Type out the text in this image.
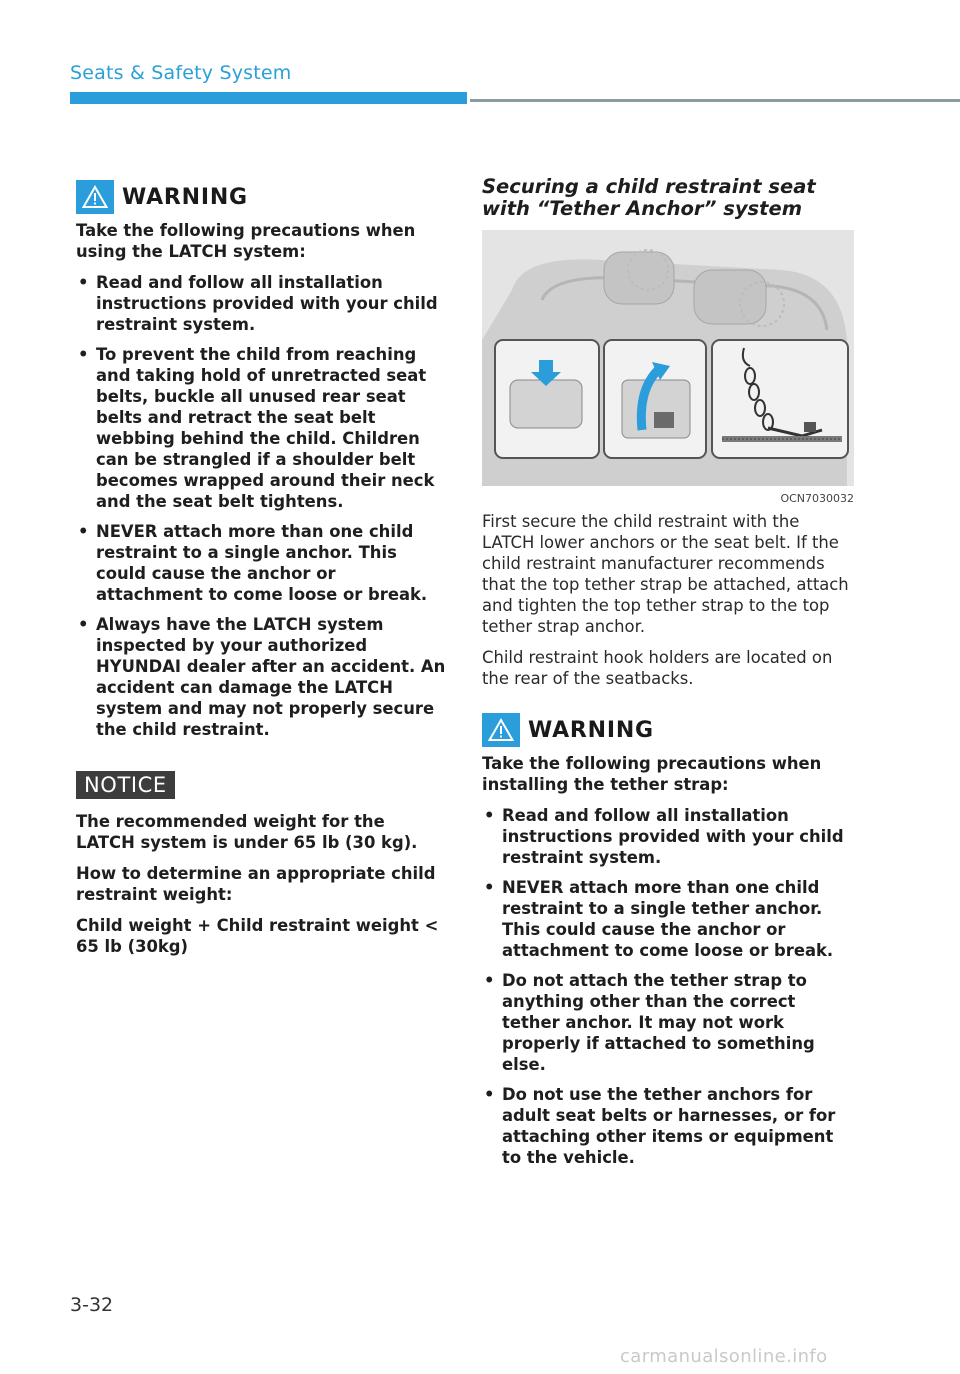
Seats & Safety System
WARNING

Take the following precautions when using the LATCH system:

• Read and follow all installation instructions provided with your child restraint system.
• To prevent the child from reaching and taking hold of unretracted seat belts, buckle all unused rear seat belts and retract the seat belt webbing behind the child. Children can be strangled if a shoulder belt becomes wrapped around their neck and the seat belt tightens.
• NEVER attach more than one child restraint to a single anchor. This could cause the anchor or attachment to come loose or break.
• Always have the LATCH system inspected by your authorized HYUNDAI dealer after an accident. An accident can damage the LATCH system and may not properly secure the child restraint.
NOTICE

The recommended weight for the LATCH system is under 65 lb (30 kg).

How to determine an appropriate child restraint weight:

Child weight + Child restraint weight < 65 lb (30kg)

Securing a child restraint seat with “Tether Anchor” system
OCN7030032

First secure the child restraint with the LATCH lower anchors or the seat belt. If the child restraint manufacturer recommends that the top tether strap be attached, attach and tighten the top tether strap to the top tether strap anchor.

Child restraint hook holders are located on the rear of the seatbacks.

WARNING

Take the following precautions when installing the tether strap:

• Read and follow all installation instructions provided with your child restraint system.
• NEVER attach more than one child restraint to a single tether anchor. This could cause the anchor or attachment to come loose or break.
• Do not attach the tether strap to anything other than the correct tether anchor. It may not work properly if attached to something else.
• Do not use the tether anchors for adult seat belts or harnesses, or for attaching other items or equipment to the vehicle.
3-32
carmanualsonline.info
